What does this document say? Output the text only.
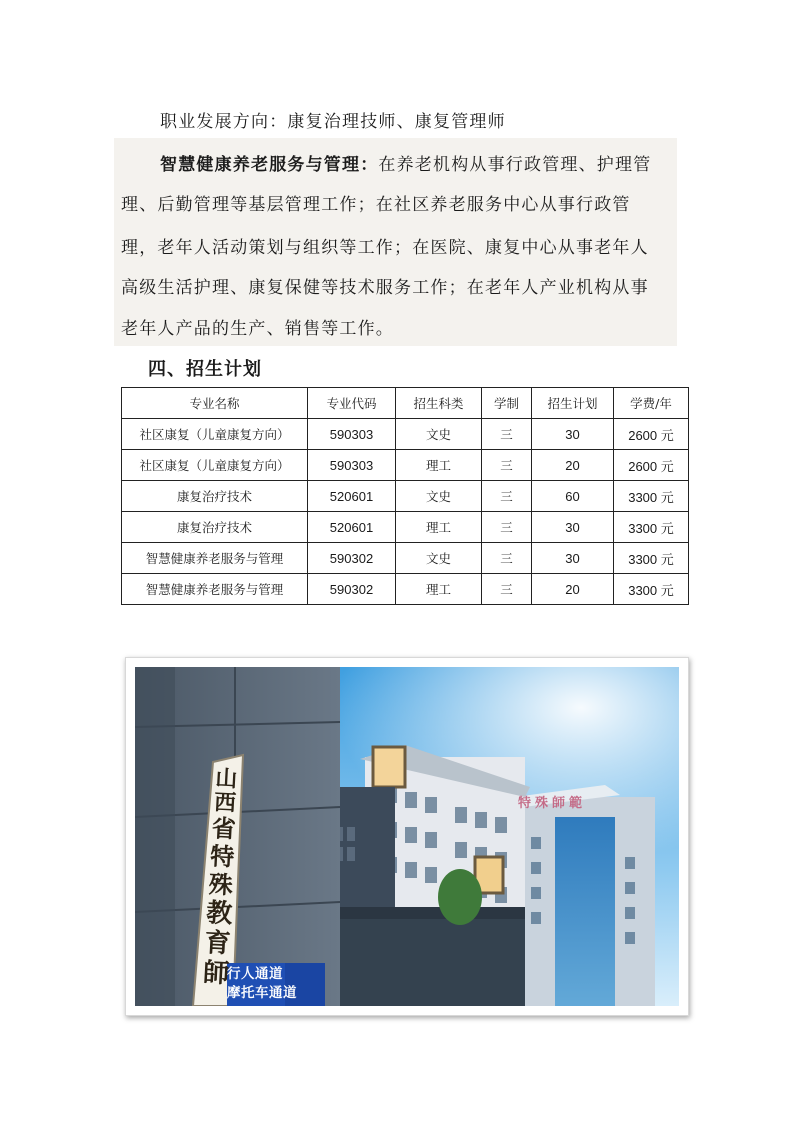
职业发展方向：康复治理技师、康复管理师
智慧健康养老服务与管理：在养老机构从事行政管理、护理管
理、后勤管理等基层管理工作；在社区养老服务中心从事行政管
理，老年人活动策划与组织等工作；在医院、康复中心从事老年人
高级生活护理、康复保健等技术服务工作；在老年人产业机构从事
老年人产品的生产、销售等工作。
四、招生计划
专业名称	专业代码	招生科类	学制	招生计划	学费/年
社区康复（儿童康复方向）	590303	文史	三	30	2600 元
社区康复（儿童康复方向）	590303	理工	三	20	2600 元
康复治疗技术	520601	文史	三	60	3300 元
康复治疗技术	520601	理工	三	30	3300 元
智慧健康养老服务与管理	590302	文史	三	30	3300 元
智慧健康养老服务与管理	590302	理工	三	20	3300 元
山
西
省
特
殊
教
育
師
行人通道
摩托车通道
特殊師範
